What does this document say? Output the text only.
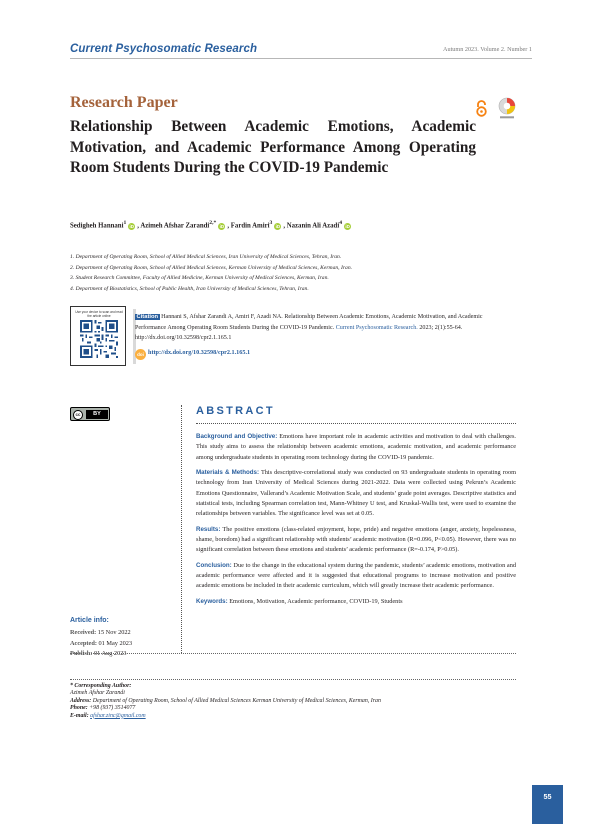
Current Psychosomatic Research	Autumn 2023. Volume 2. Number 1
Research Paper
Relationship Between Academic Emotions, Academic Motivation, and Academic Performance Among Operating Room Students During the COVID-19 Pandemic
Sedigheh Hannani$^1$iD , Azimeh Afshar Zarandi$^{2,*}$iD , Fardin Amiri$^3$iD , Nazanin Ali Azadi$^4$iD
1. Department of Operating Room, School of Allied Medical Sciences, Iran University of Medical Sciences, Tehran, Iran.
2. Department of Operating Room, School of Allied Medical Sciences, Kerman University of Medical Sciences, Kerman, Iran.
3. Student Research Committee, Faculty of Allied Medicine, Kerman University of Medical Sciences, Kerman, Iran.
4. Department of Biostatistics, School of Public Health, Iran University of Medical Sciences, Tehran, Iran.
Use your device to scan and read the article online	Citation Hannani S, Afshar Zarandi A, Amiri F, Azadi NA. Relationship Between Academic Emotions, Academic Motivation, and Academic Performance Among Operating Room Students During the COVID-19 Pandemic. Current Psychosomatic Research. 2023; 2(1):55-64. http://dx.doi.org/10.32598/cpr2.1.165.1
doi http://dx.doi.org/10.32598/cpr2.1.165.1
cc	BY	ABSTRACT

Background and Objective: Emotions have important role in academic activities and motivation to deal with challenges. This study aims to assess the relationship between academic emotions, academic motivation, and academic performance among undergraduate students in operating room technology during the COVID-19 pandemic.

Materials & Methods: This descriptive-correlational study was conducted on 93 undergraduate students in operating room technology from Iran University of Medical Sciences during 2021-2022. Data were collected using Pekrun’s Academic Emotions Questionnaire, Vallerand’s Academic Motivation Scale, and students’ grade point averages. Descriptive statistics and statistical tests, including Spearman correlation test, Mann-Whitney U test, and Kruskal-Wallis test, were used to examine the relationships between variables. The significance level was set at 0.05.

Results: The positive emotions (class-related enjoyment, hope, pride) and negative emotions (anger, anxiety, hopelessness, shame, boredom) had a significant relationship with students’ academic motivation (R=0.096, P<0.05). However, there was no significant correlation between these emotions and students’ academic performance (R=-0.174, P>0.05).

Conclusion: Due to the change in the educational system during the pandemic, students’ academic emotions, motivation and academic performance were affected and it is suggested that educational programs to increase motivation and positive academic emotions be included in their academic curriculum, which will greatly increase their academic performance.

Keywords: Emotions, Motivation, Academic performance, COVID-19, Students

Article info:
Received: 15 Nov 2022
Accepted: 01 May 2023
Publish: 01 Aug 2023
* Corresponding Author:
Azimeh Afshar Zarandi
Address: Department of Operating Room, School of Allied Medical Sciences Kerman University of Medical Sciences, Kerman, Iran
Phone: +98 (937) 3514077
E-mail: afshar.zinc@gmail.com
55
